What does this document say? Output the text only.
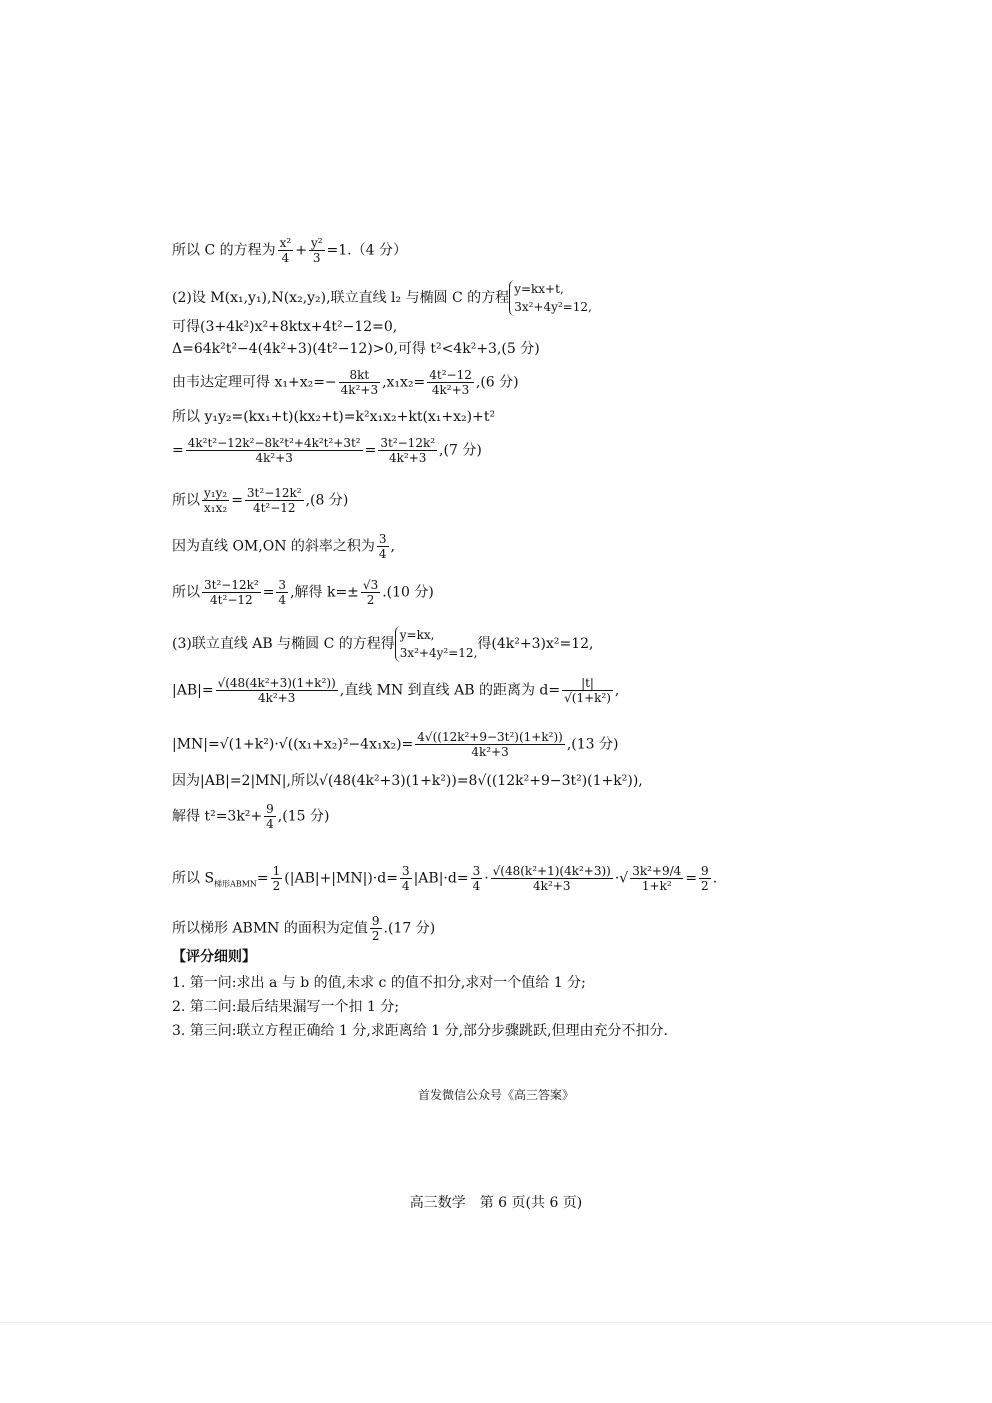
所以 C 的方程为 $\frac{\text{x²}}{4} + \frac{\text{y²}}{3} =1.(4$ 分）
(2)设 M(x₁,y₁),N(x₂,y₂),联立直线 l₂ 与椭圆 C 的方程
y=kx+t,
3x²+4y²=12,
可得(3+4k²)x²+8ktx+4t²−12=0,
Δ=64k²t²−4(4k²+3)(4t²−12)>0,可得 t²<4k²+3,(5 分)
由韦达定理可得 $x_1+x_2=- \frac{8kt}{\text{4k²+3}} ,x_1x_2= \frac{\text{4t²−12}}{\text{4k²+3}} ,(6$ 分)
所以 y₁y₂=(kx₁+t)(kx₂+t)=k²x₁x₂+kt(x₁+x₂)+t²
= $\frac{\text{4k²t²−12k²−8k²t²+4k²t²+3t²}}{\text{4k²+3}} = \frac{\text{3t²−12k²}}{\text{4k²+3}} ,(7$ 分)
所以 $\frac{\text{y₁y₂}}{\text{x₁x₂}} = \frac{\text{3t²−12k²}}{\text{4t²−12}} ,(8$ 分)
因为直线 OM,ON 的斜率之积为 $\frac{3}{4}$ ,
所以 $\frac{\text{3t²−12k²}}{\text{4t²−12}} = \frac{3}{4}$ ,解得 $k=\pm \frac{√3}{2} .(10$ 分)
(3)联立直线 AB 与椭圆 C 的方程得
y=kx,
3x²+4y²=12,
得(4k²+3)x²=12,
$|AB|= \frac{\text{√(48(4k²+3)(1+k²))}}{\text{4k²+3}}$ ,直线 MN 到直线 AB 的距离为 $d= \frac{|t|}{\text{√(1+k²)}}$ ,
$|MN|=√(1+k^2)\cdot√((x_1+x_2)^2-4x_1x_2)= \frac{\text{4√((12k²+9−3t²)(1+k²))}}{\text{4k²+3}} ,(13$ 分)
因为|AB|=2|MN|,所以√(48(4k²+3)(1+k²))=8√((12k²+9−3t²)(1+k²)),
解得 $t^2=3k^2+ \frac{9}{4} ,(15$ 分)
所以 $S_{梯形ABMN}= \frac{1}{2} (|AB|+|MN|)\cdot d= \frac{3}{4} |AB|\cdot d= \frac{3}{4} \cdot \frac{\text{√(48(k²+1)(4k²+3))}}{\text{4k²+3}}$ ·√ $\frac{\text{3k²+9/4}}{\text{1+k²}} = \frac{9}{2}$ .
所以梯形 ABMN 的面积为定值 $\frac{9}{2} .(17$ 分)
【评分细则】
1. 第一问:求出 a 与 b 的值,未求 c 的值不扣分,求对一个值给 1 分;
2. 第二问:最后结果漏写一个扣 1 分;
3. 第三问:联立方程正确给 1 分,求距离给 1 分,部分步骤跳跃,但理由充分不扣分.
首发微信公众号《高三答案》
高三数学　第 6 页(共 6 页)
